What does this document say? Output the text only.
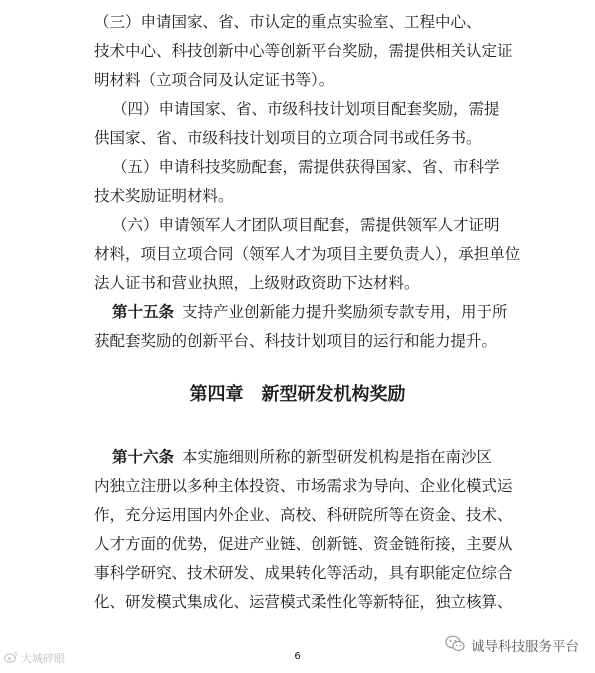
（三）申请国家、省、市认定的重点实验室、工程中心、
技术中心、科技创新中心等创新平台奖励，需提供相关认定证
明材料（立项合同及认定证书等）。
（四）申请国家、省、市级科技计划项目配套奖励，需提
供国家、省、市级科技计划项目的立项合同书或任务书。
（五）申请科技奖励配套，需提供获得国家、省、市科学
技术奖励证明材料。
（六）申请领军人才团队项目配套，需提供领军人才证明
材料，项目立项合同（领军人才为项目主要负责人），承担单位
法人证书和营业执照，上级财政资助下达材料。
第十五条 支持产业创新能力提升奖励须专款专用，用于所
获配套奖励的创新平台、科技计划项目的运行和能力提升。
第四章　新型研发机构奖励
第十六条 本实施细则所称的新型研发机构是指在南沙区
内独立注册以多种主体投资、市场需求为导向、企业化模式运
作，充分运用国内外企业、高校、科研院所等在资金、技术、
人才方面的优势，促进产业链、创新链、资金链衔接，主要从
事科学研究、技术研发、成果转化等活动，具有职能定位综合
化、研发模式集成化、运营模式柔性化等新特征，独立核算、
6
大城碎眼
诚导科技服务平台
